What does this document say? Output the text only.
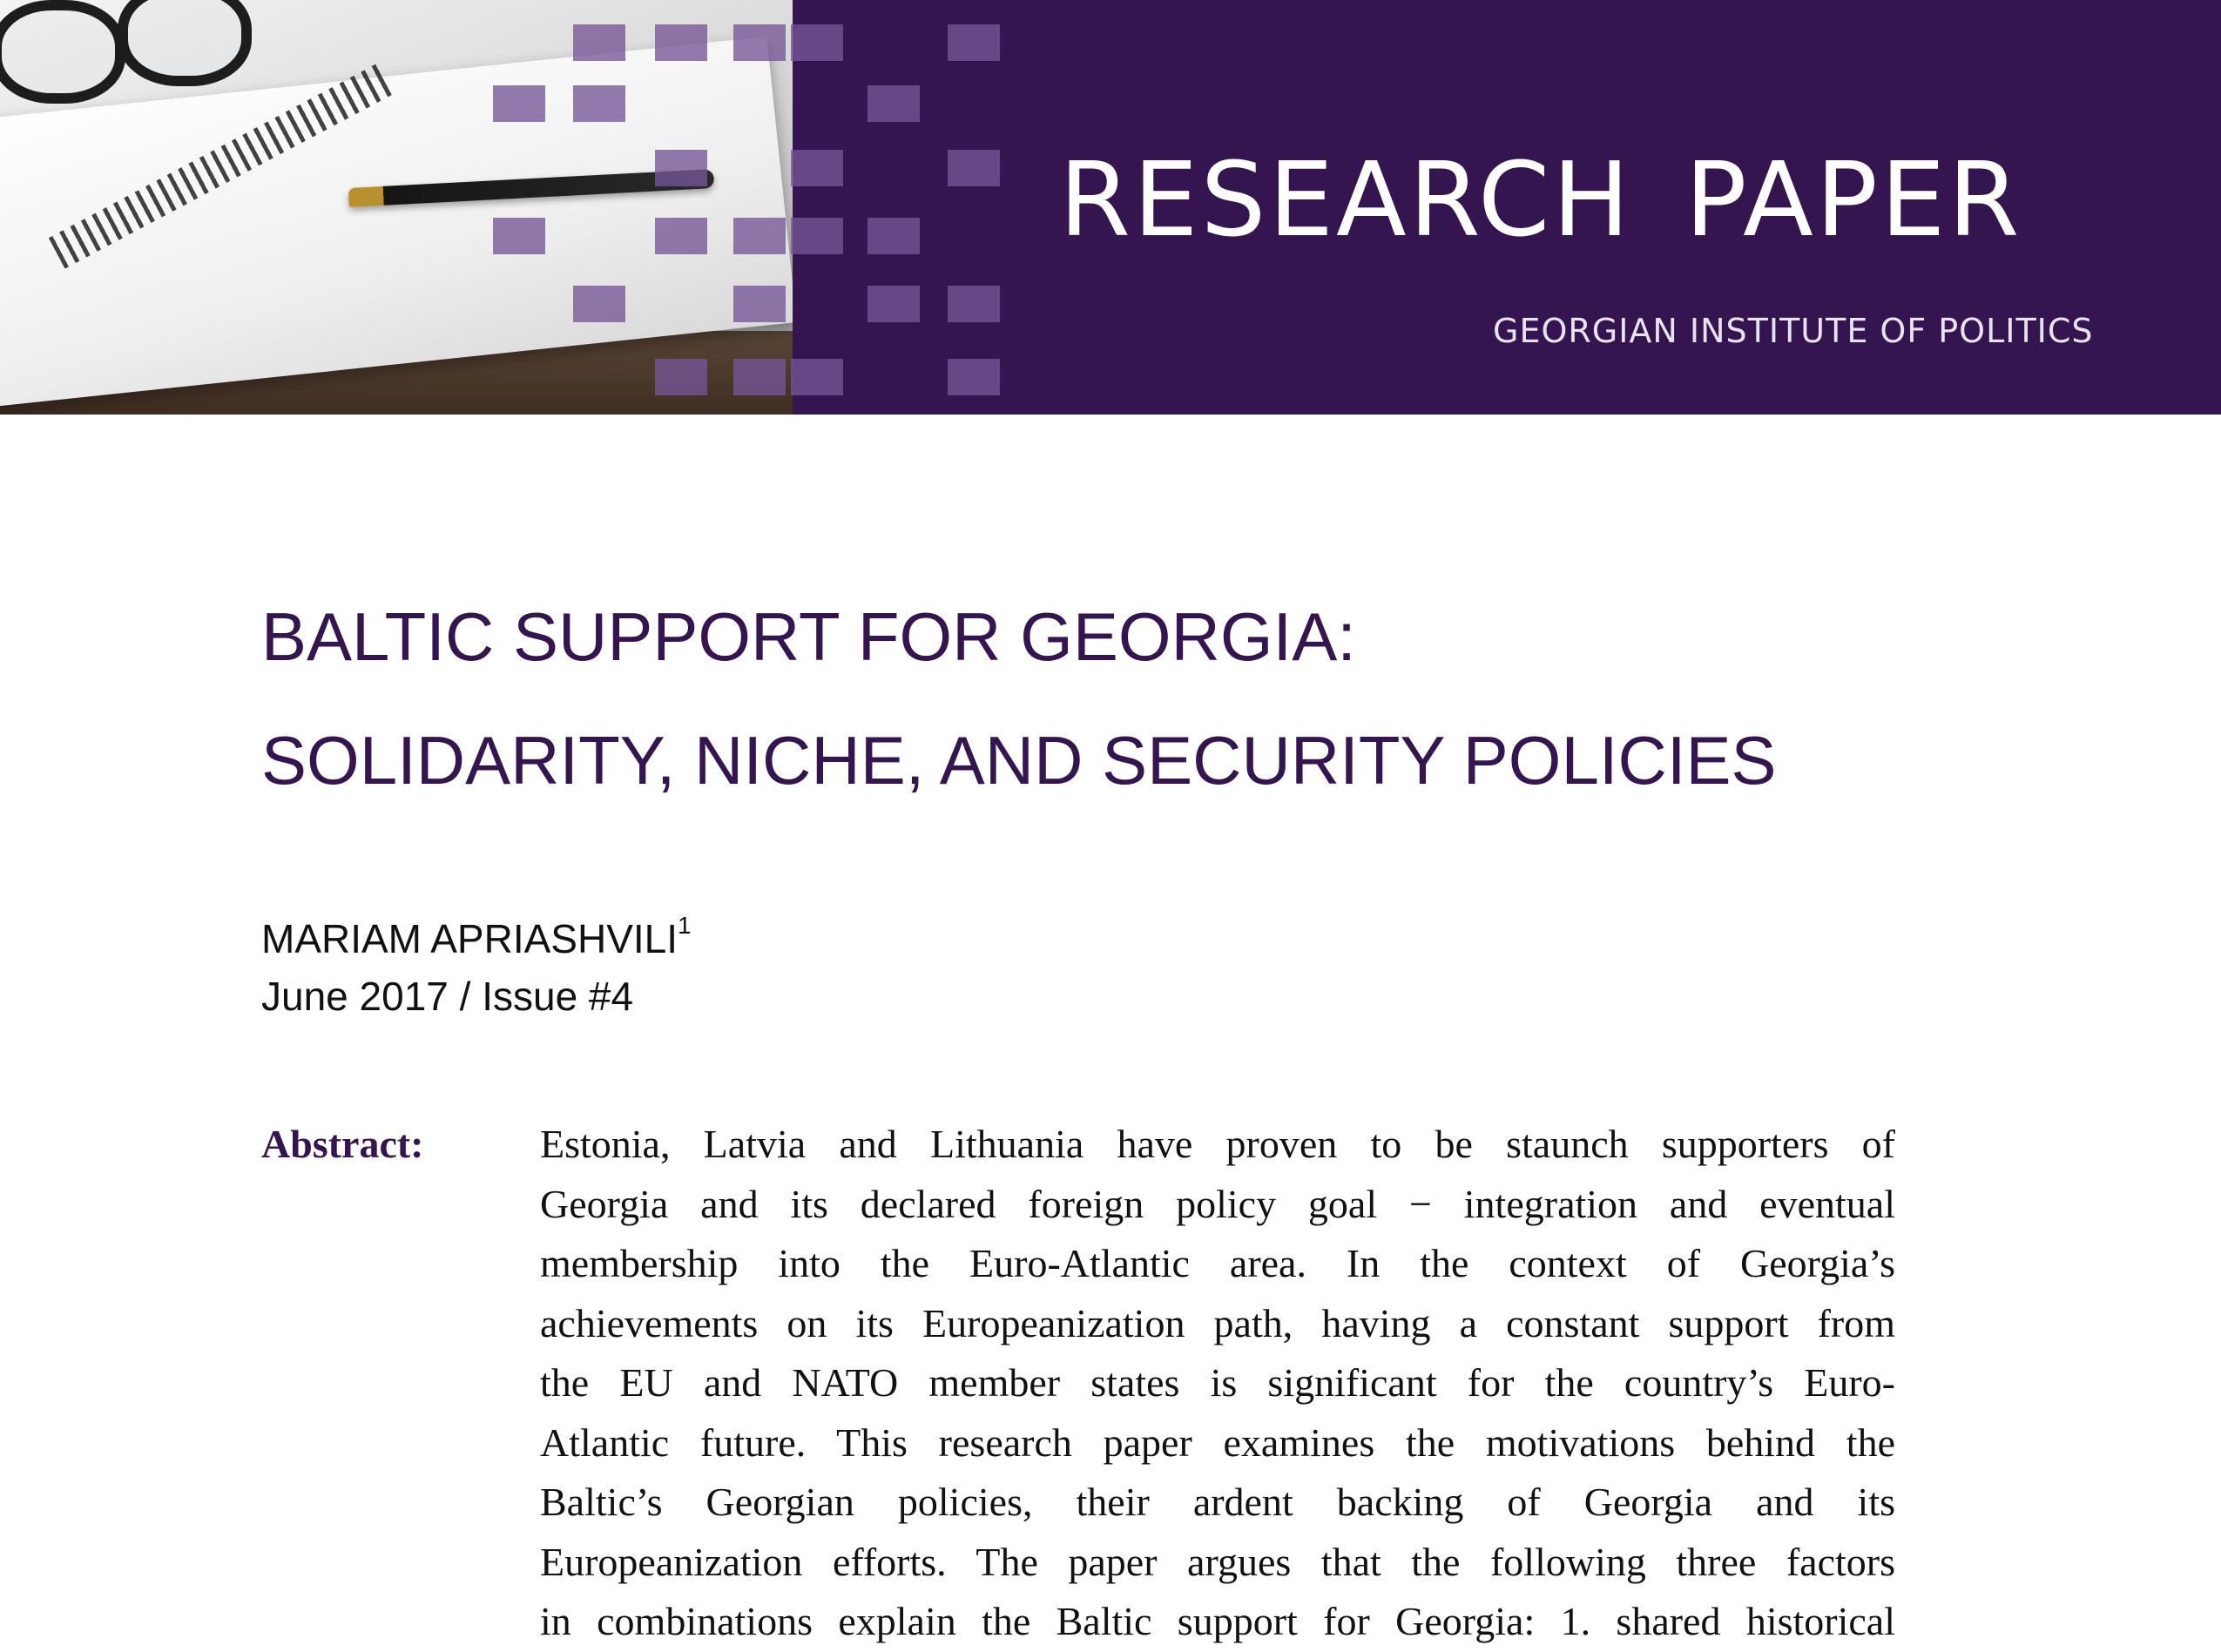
RESEARCH PAPER
GEORGIAN INSTITUTE OF POLITICS
BALTIC SUPPORT FOR GEORGIA:
SOLIDARITY, NICHE, AND SECURITY POLICIES
MARIAM APRIASHVILI$^1$
June 2017 / Issue #4
Abstract:	Estonia, Latvia and Lithuania have proven to be staunch supporters of
Georgia and its declared foreign policy goal − integration and eventual
membership into the Euro-Atlantic area. In the context of Georgia’s
achievements on its Europeanization path, having a constant support from
the EU and NATO member states is significant for the country’s Euro-
Atlantic future. This research paper examines the motivations behind the
Baltic’s Georgian policies, their ardent backing of Georgia and its
Europeanization efforts. The paper argues that the following three factors
in combinations explain the Baltic support for Georgia: 1. shared historical
